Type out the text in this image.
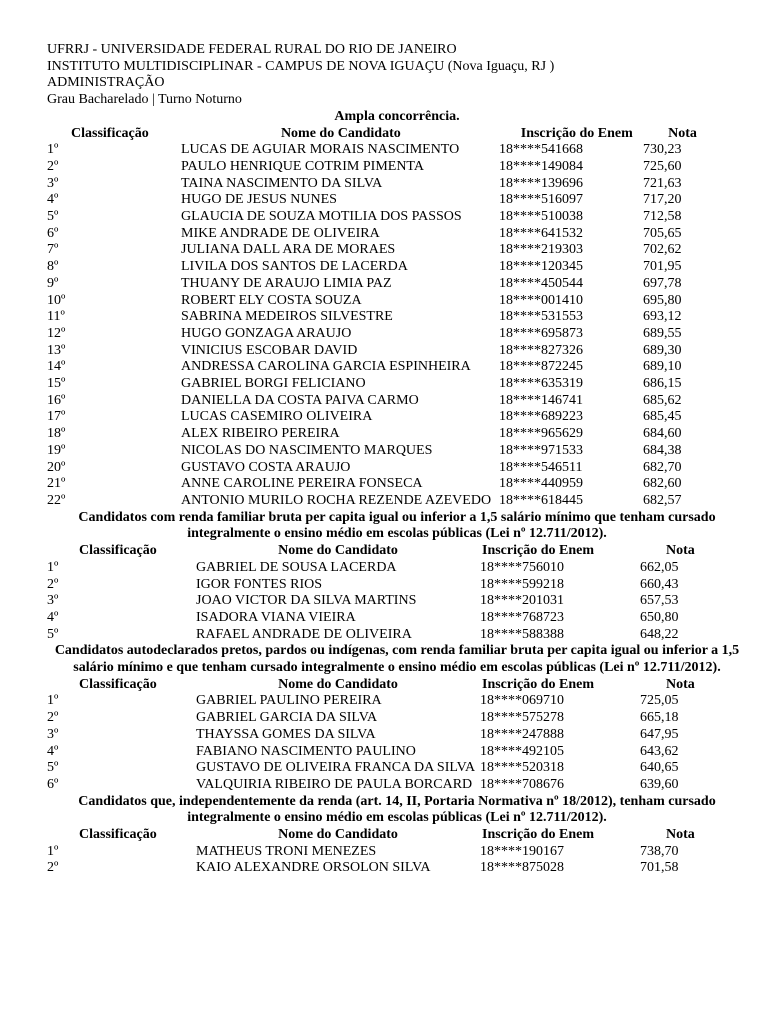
UFRRJ - UNIVERSIDADE FEDERAL RURAL DO RIO DE JANEIRO
INSTITUTO MULTIDISCIPLINAR - CAMPUS DE NOVA IGUAÇU (Nova Iguaçu, RJ )
ADMINISTRAÇÃO
Grau Bacharelado | Turno Noturno
Ampla concorrência.
Classificação	Nome do Candidato	Inscrição do Enem	Nota
1º	LUCAS DE AGUIAR MORAIS NASCIMENTO	18****541668	730,23
2º	PAULO HENRIQUE COTRIM PIMENTA	18****149084	725,60
3º	TAINA NASCIMENTO DA SILVA	18****139696	721,63
4º	HUGO DE JESUS NUNES	18****516097	717,20
5º	GLAUCIA DE SOUZA MOTILIA DOS PASSOS	18****510038	712,58
6º	MIKE ANDRADE DE OLIVEIRA	18****641532	705,65
7º	JULIANA DALL ARA DE MORAES	18****219303	702,62
8º	LIVILA DOS SANTOS DE LACERDA	18****120345	701,95
9º	THUANY DE ARAUJO LIMIA PAZ	18****450544	697,78
10º	ROBERT ELY COSTA SOUZA	18****001410	695,80
11º	SABRINA MEDEIROS SILVESTRE	18****531553	693,12
12º	HUGO GONZAGA ARAUJO	18****695873	689,55
13º	VINICIUS ESCOBAR DAVID	18****827326	689,30
14º	ANDRESSA CAROLINA GARCIA ESPINHEIRA	18****872245	689,10
15º	GABRIEL BORGI FELICIANO	18****635319	686,15
16º	DANIELLA DA COSTA PAIVA CARMO	18****146741	685,62
17º	LUCAS CASEMIRO OLIVEIRA	18****689223	685,45
18º	ALEX RIBEIRO PEREIRA	18****965629	684,60
19º	NICOLAS DO NASCIMENTO MARQUES	18****971533	684,38
20º	GUSTAVO COSTA ARAUJO	18****546511	682,70
21º	ANNE CAROLINE PEREIRA FONSECA	18****440959	682,60
22º	ANTONIO MURILO ROCHA REZENDE AZEVEDO 18****618445	682,57
Candidatos com renda familiar bruta per capita igual ou inferior a 1,5 salário mínimo que tenham cursado integralmente o ensino médio em escolas públicas (Lei nº 12.711/2012).
Classificação	Nome do Candidato	Inscrição do Enem	Nota
1º	GABRIEL DE SOUSA LACERDA	18****756010	662,05
2º	IGOR FONTES RIOS	18****599218	660,43
3º	JOAO VICTOR DA SILVA MARTINS	18****201031	657,53
4º	ISADORA VIANA VIEIRA	18****768723	650,80
5º	RAFAEL ANDRADE DE OLIVEIRA	18****588388	648,22
Candidatos autodeclarados pretos, pardos ou indígenas, com renda familiar bruta per capita igual ou inferior a 1,5 salário mínimo e que tenham cursado integralmente o ensino médio em escolas públicas (Lei nº 12.711/2012).
Classificação	Nome do Candidato	Inscrição do Enem	Nota
1º	GABRIEL PAULINO PEREIRA	18****069710	725,05
2º	GABRIEL GARCIA DA SILVA	18****575278	665,18
3º	THAYSSA GOMES DA SILVA	18****247888	647,95
4º	FABIANO NASCIMENTO PAULINO	18****492105	643,62
5º	GUSTAVO DE OLIVEIRA FRANCA DA SILVA 18****520318	640,65
6º	VALQUIRIA RIBEIRO DE PAULA BORCARD 18****708676	639,60
Candidatos que, independentemente da renda (art. 14, II, Portaria Normativa nº 18/2012), tenham cursado integralmente o ensino médio em escolas públicas (Lei nº 12.711/2012).
Classificação	Nome do Candidato	Inscrição do Enem	Nota
1º	MATHEUS TRONI MENEZES	18****190167	738,70
2º	KAIO ALEXANDRE ORSOLON SILVA	18****875028	701,58
